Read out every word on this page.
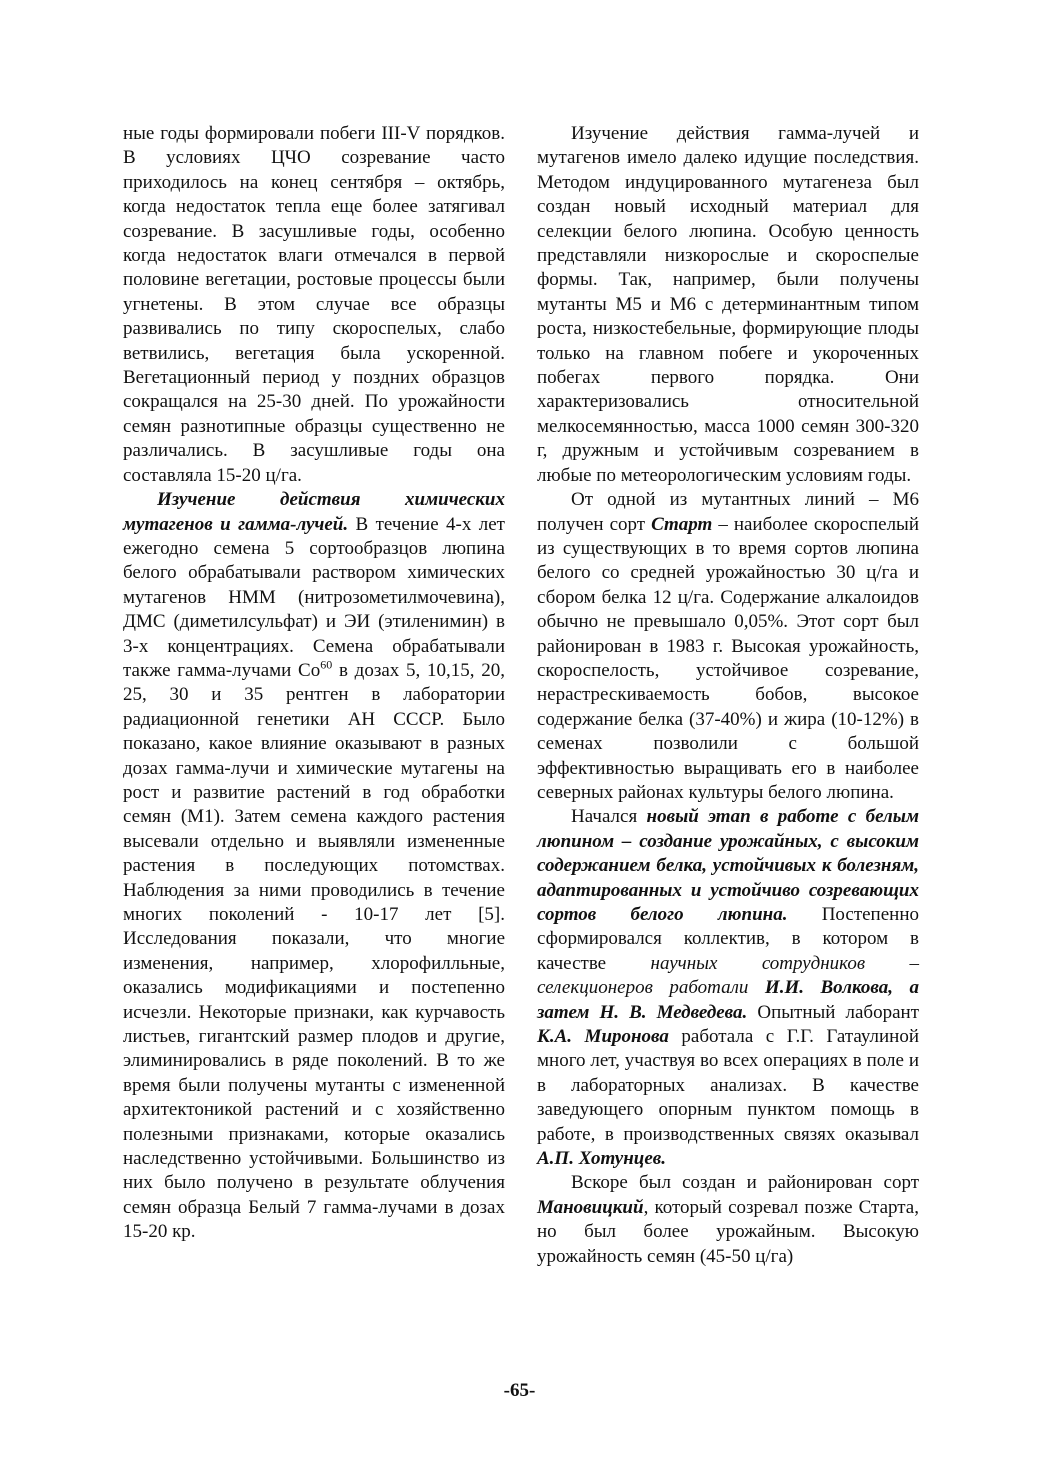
ные годы формировали побеги III-V порядков. В условиях ЦЧО созревание часто приходилось на конец сентября – октябрь, когда недостаток тепла еще более затягивал созревание. В засушливые годы, особенно когда недостаток влаги отмечался в первой половине вегетации, ростовые процессы были угнетены. В этом случае все образцы развивались по типу скороспелых, слабо ветвились, вегетация была ускоренной. Вегетационный период у поздних образцов сокращался на 25-30 дней. По урожайности семян разнотипные образцы существенно не различались. В засушливые годы она составляла 15-20 ц/га.

Изучение действия химических мутагенов и гамма-лучей. В течение 4-х лет ежегодно семена 5 сортообразцов люпина белого обрабатывали раствором химических мутагенов НММ (нитрозометилмочевина), ДМС (диметилсульфат) и ЭИ (этиленимин) в 3-х концентрациях. Семена обрабатывали также гамма-лучами Co$^{60}$ в дозах 5, 10,15, 20, 25, 30 и 35 рентген в лаборатории радиационной генетики АН СССР. Было показано, какое влияние оказывают в разных дозах гамма-лучи и химические мутагены на рост и развитие растений в год обработки семян (М1). Затем семена каждого растения высевали отдельно и выявляли измененные растения в последующих потомствах. Наблюдения за ними проводились в течение многих поколений - 10-17 лет [5]. Исследования показали, что многие изменения, например, хлорофилльные, оказались модификациями и постепенно исчезли. Некоторые признаки, как курчавость листьев, гигантский размер плодов и другие, элиминировались в ряде поколений. В то же время были получены мутанты с измененной архитектоникой растений и с хозяйственно полезными признаками, которые оказались наследственно устойчивыми. Большинство из них было получено в результате облучения семян образца Белый 7 гамма-лучами в дозах 15-20 кр.

Изучение действия гамма-лучей и мутагенов имело далеко идущие последствия. Методом индуцированного мутагенеза был создан новый исходный материал для селекции белого люпина. Особую ценность представляли низкорослые и скороспелые формы. Так, например, были получены мутанты М5 и М6 с детерминантным типом роста, низкостебельные, формирующие плоды только на главном побеге и укороченных побегах первого порядка. Они характеризовались относительной мелкосемянностью, масса 1000 семян 300-320 г, дружным и устойчивым созреванием в любые по метеорологическим условиям годы.

От одной из мутантных линий – М6 получен сорт Старт – наиболее скороспелый из существующих в то время сортов люпина белого со средней урожайностью 30 ц/га и сбором белка 12 ц/га. Содержание алкалоидов обычно не превышало 0,05%. Этот сорт был районирован в 1983 г. Высокая урожайность, скороспелость, устойчивое созревание, нерастрескиваемость бобов, высокое содержание белка (37-40%) и жира (10-12%) в семенах позволили с большой эффективностью выращивать его в наиболее северных районах культуры белого люпина.

Начался новый этап в работе с белым люпином – создание урожайных, с высоким содержанием белка, устойчивых к болезням, адаптированных и устойчиво созревающих сортов белого люпина. Постепенно сформировался коллектив, в котором в качестве научных сотрудников – селекционеров работали И.И. Волкова, а затем Н. В. Медведева. Опытный лаборант К.А. Миронова работала с Г.Г. Гатаулиной много лет, участвуя во всех операциях в поле и в лабораторных анализах. В качестве заведующего опорным пунктом помощь в работе, в производственных связях оказывал А.П. Хотунцев.

Вскоре был создан и районирован сорт Мановицкий, который созревал позже Старта, но был более урожайным. Высокую урожайность семян (45-50 ц/га)

-65-
